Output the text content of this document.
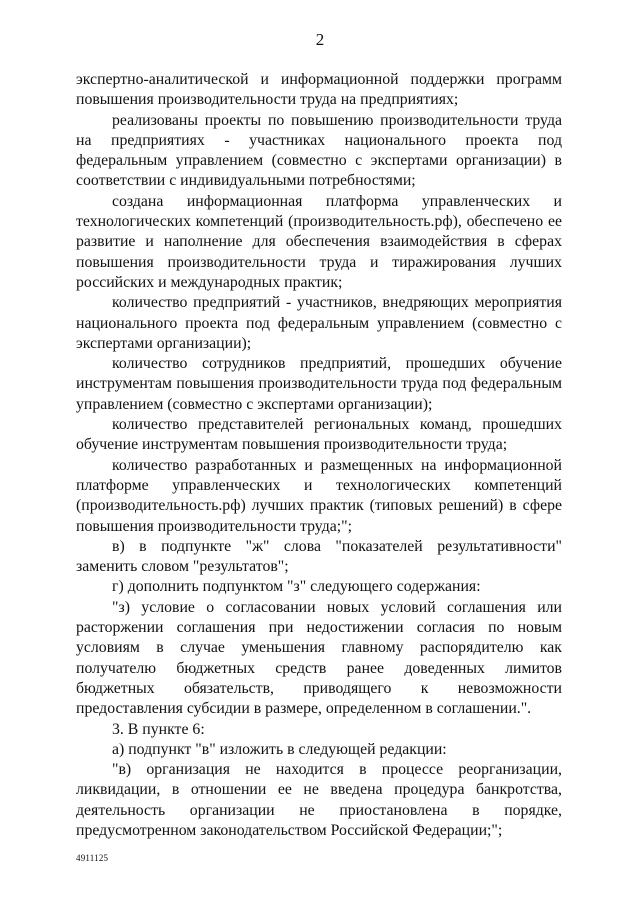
2

экспертно-аналитической и информационной поддержки программ повышения производительности труда на предприятиях;

реализованы проекты по повышению производительности труда на предприятиях - участниках национального проекта под федеральным управлением (совместно с экспертами организации) в соответствии с индивидуальными потребностями;

создана информационная платформа управленческих и технологических компетенций (производительность.рф), обеспечено ее развитие и наполнение для обеспечения взаимодействия в сферах повышения производительности труда и тиражирования лучших российских и международных практик;

количество предприятий - участников, внедряющих мероприятия национального проекта под федеральным управлением (совместно с экспертами организации);

количество сотрудников предприятий, прошедших обучение инструментам повышения производительности труда под федеральным управлением (совместно с экспертами организации);

количество представителей региональных команд, прошедших обучение инструментам повышения производительности труда;

количество разработанных и размещенных на информационной платформе управленческих и технологических компетенций (производительность.рф) лучших практик (типовых решений) в сфере повышения производительности труда;";

в) в подпункте "ж" слова "показателей результативности" заменить словом "результатов";

г) дополнить подпунктом "з" следующего содержания:

"з) условие о согласовании новых условий соглашения или расторжении соглашения при недостижении согласия по новым условиям в случае уменьшения главному распорядителю как получателю бюджетных средств ранее доведенных лимитов бюджетных обязательств, приводящего к невозможности предоставления субсидии в размере, определенном в соглашении.".

3. В пункте 6:

а) подпункт "в" изложить в следующей редакции:

"в) организация не находится в процессе реорганизации, ликвидации, в отношении ее не введена процедура банкротства, деятельность организации не приостановлена в порядке, предусмотренном законодательством Российской Федерации;";

4911125
